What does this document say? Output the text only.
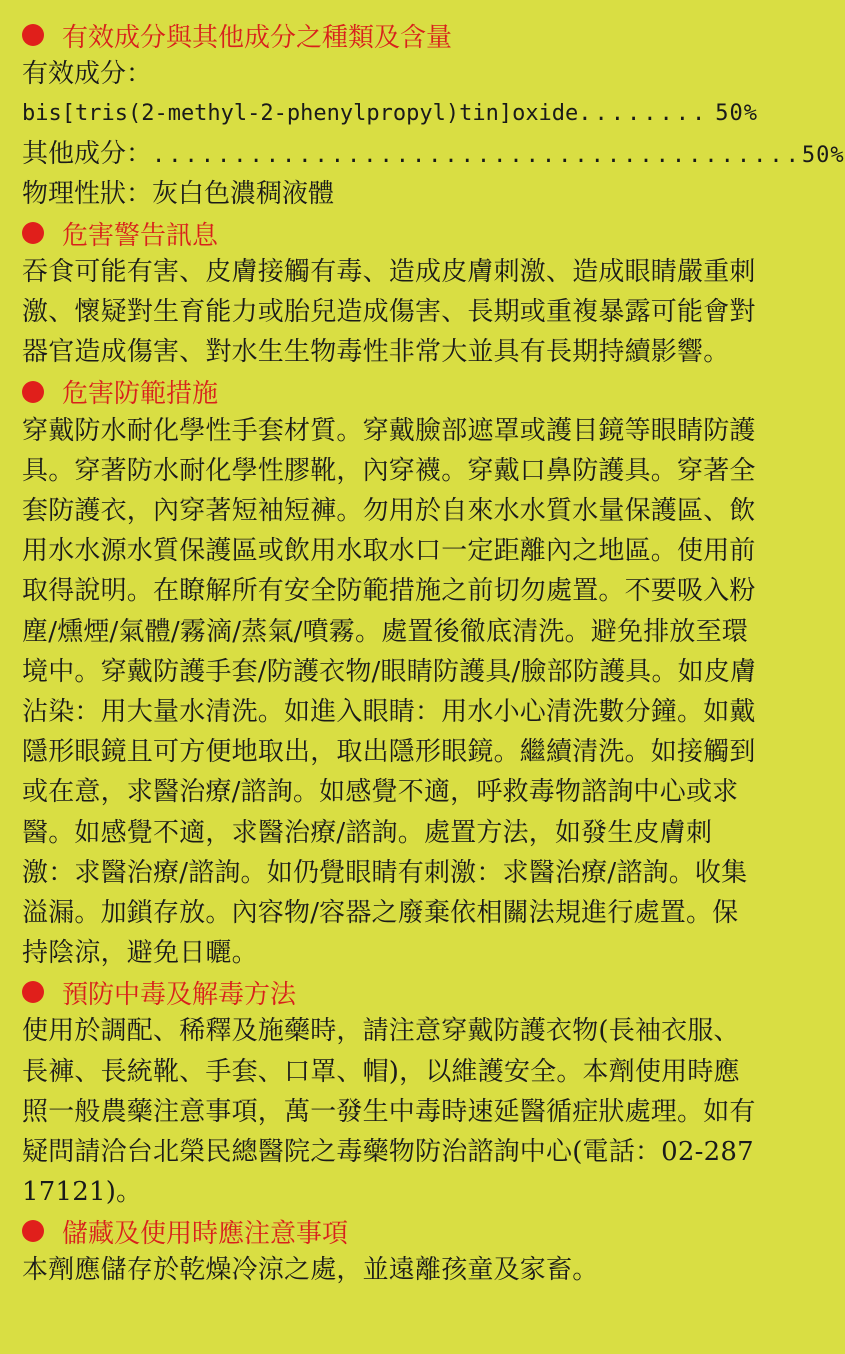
有效成分與其他成分之種類及含量
有效成分：
bis[tris(2-methyl-2-phenylpropyl)tin]oxide ........ 50%
其他成分： ........................................ 50%
物理性狀：灰白色濃稠液體
危害警告訊息

吞食可能有害、皮膚接觸有毒、造成皮膚刺激、造成眼睛嚴重刺激、懷疑對生育能力或胎兒造成傷害、長期或重複暴露可能會對器官造成傷害、對水生生物毒性非常大並具有長期持續影響。

危害防範措施

穿戴防水耐化學性手套材質。穿戴臉部遮罩或護目鏡等眼睛防護具。穿著防水耐化學性膠靴，內穿襪。穿戴口鼻防護具。穿著全套防護衣，內穿著短袖短褲。勿用於自來水水質水量保護區、飲用水水源水質保護區或飲用水取水口一定距離內之地區。使用前取得說明。在瞭解所有安全防範措施之前切勿處置。不要吸入粉塵/燻煙/氣體/霧滴/蒸氣/噴霧。處置後徹底清洗。避免排放至環境中。穿戴防護手套/防護衣物/眼睛防護具/臉部防護具。如皮膚沾染：用大量水清洗。如進入眼睛：用水小心清洗數分鐘。如戴隱形眼鏡且可方便地取出，取出隱形眼鏡。繼續清洗。如接觸到或在意，求醫治療/諮詢。如感覺不適，呼救毒物諮詢中心或求醫。如感覺不適，求醫治療/諮詢。處置方法，如發生皮膚刺激：求醫治療/諮詢。如仍覺眼睛有刺激：求醫治療/諮詢。收集溢漏。加鎖存放。內容物/容器之廢棄依相關法規進行處置。保持陰涼，避免日曬。

預防中毒及解毒方法

使用於調配、稀釋及施藥時，請注意穿戴防護衣物(長袖衣服、長褲、長統靴、手套、口罩、帽)，以維護安全。本劑使用時應照一般農藥注意事項，萬一發生中毒時速延醫循症狀處理。如有疑問請洽台北榮民總醫院之毒藥物防治諮詢中心(電話：02-28717121)。

儲藏及使用時應注意事項

本劑應儲存於乾燥冷涼之處，並遠離孩童及家畜。
